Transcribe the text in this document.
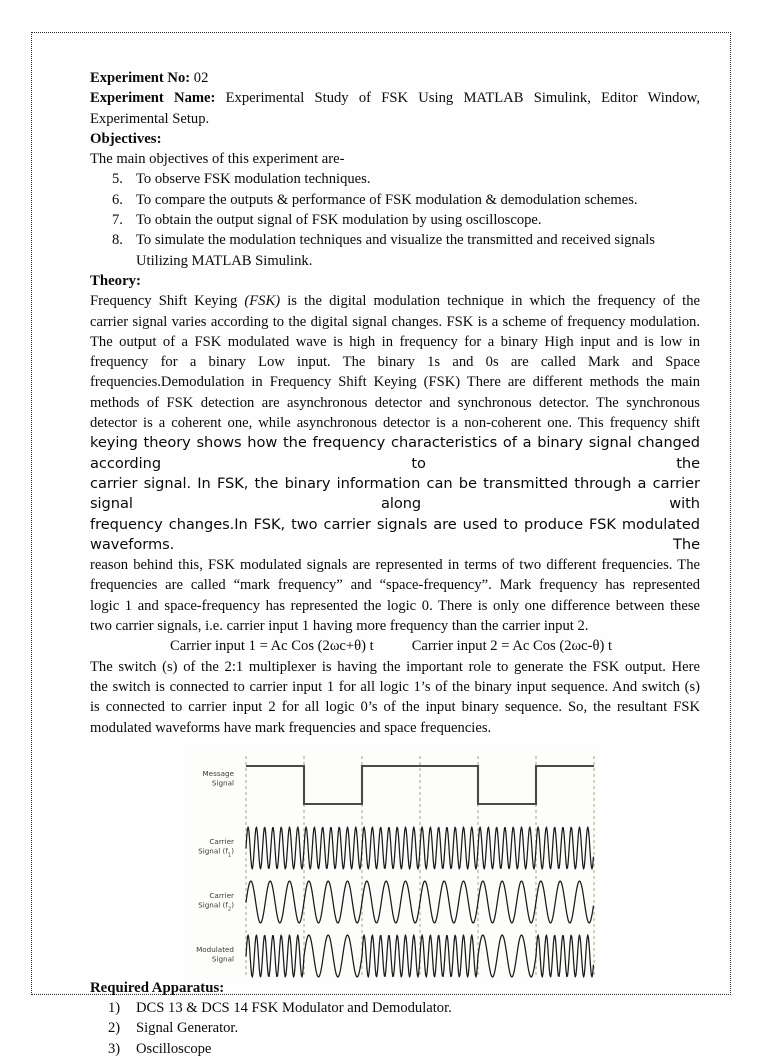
Experiment No: 02

Experiment Name: Experimental Study of FSK Using MATLAB Simulink, Editor Window,

Experimental Setup.

Objectives:

The main objectives of this experiment are-

5. To observe FSK modulation techniques.
6. To compare the outputs & performance of FSK modulation & demodulation schemes.
7. To obtain the output signal of FSK modulation by using oscilloscope.
8. To simulate the modulation techniques and visualize the transmitted and received signals
Utilizing MATLAB Simulink.

Theory:

Frequency Shift Keying (FSK) is the digital modulation technique in which the frequency of the

carrier signal varies according to the digital signal changes. FSK is a scheme of frequency modulation.

The output of a FSK modulated wave is high in frequency for a binary High input and is low in

frequency for a binary Low input. The binary 1s and 0s are called Mark and Space

frequencies.Demodulation in Frequency Shift Keying (FSK) There are different methods the main

methods of FSK detection are asynchronous detector and synchronous detector. The synchronous

detector is a coherent one, while asynchronous detector is a non-coherent one. This frequency shift

keying theory shows how the frequency characteristics of a binary signal changed according to the

carrier signal. In FSK, the binary information can be transmitted through a carrier signal along with

frequency changes.In FSK, two carrier signals are used to produce FSK modulated waveforms. The

reason behind this, FSK modulated signals are represented in terms of two different frequencies. The

frequencies are called “mark frequency” and “space-frequency”. Mark frequency has represented

logic 1 and space-frequency has represented the logic 0. There is only one difference between these

two carrier signals, i.e. carrier input 1 having more frequency than the carrier input 2.

Carrier input 1 = Ac Cos (2ωc+θ) t	Carrier input 2 = Ac Cos (2ωc-θ) t

The switch (s) of the 2:1 multiplexer is having the important role to generate the FSK output. Here

the switch is connected to carrier input 1 for all logic 1’s of the binary input sequence. And switch (s)

is connected to carrier input 2 for all logic 0’s of the input binary sequence. So, the resultant FSK

modulated waveforms have mark frequencies and space frequencies.

Message
Signal
Carrier
Signal $(f_1)$
Carrier
Signal $(f_2)$
Modulated
Signal

Required Apparatus:

1)	DCS 13 & DCS 14 FSK Modulator and Demodulator.
2)	Signal Generator.
3)	Oscilloscope
